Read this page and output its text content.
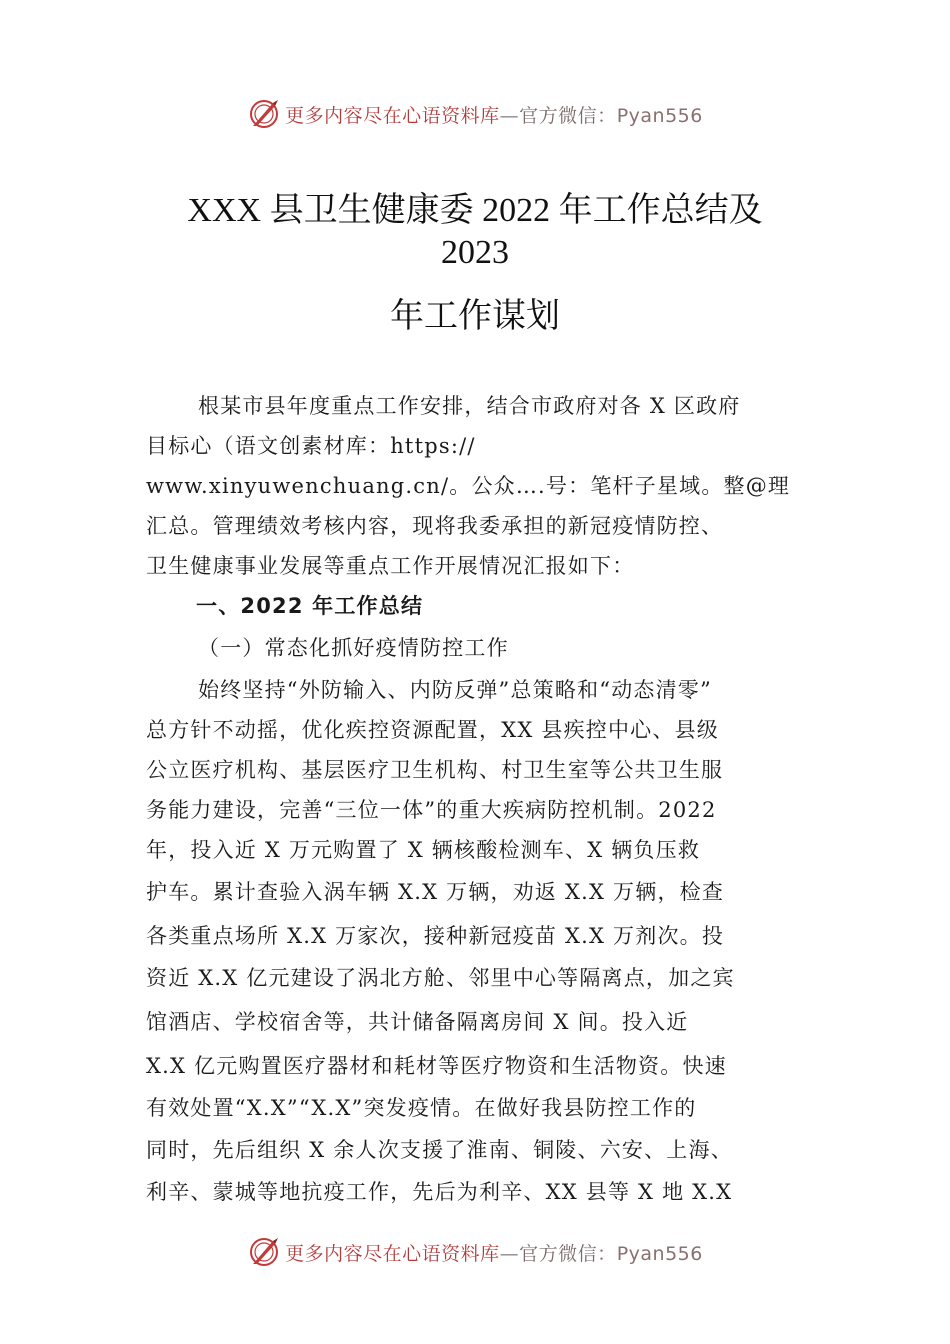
更多内容尽在心语资料库—官方微信：Pyan556
XXX 县卫生健康委 2022 年工作总结及
2023
年工作谋划
根某市县年度重点工作安排，结合市政府对各 X 区政府
目标心（语文创素材库：https://
www.xinyuwenchuang.cn/。公众….号：笔杆子星域。整@理
汇总。管理绩效考核内容，现将我委承担的新冠疫情防控、
卫生健康事业发展等重点工作开展情况汇报如下：
一、2022 年工作总结
（一）常态化抓好疫情防控工作
始终坚持“外防输入、内防反弹”总策略和“动态清零”
总方针不动摇，优化疾控资源配置，XX 县疾控中心、县级
公立医疗机构、基层医疗卫生机构、村卫生室等公共卫生服
务能力建设，完善“三位一体”的重大疾病防控机制。2022
年，投入近 X 万元购置了 X 辆核酸检测车、X 辆负压救
护车。累计查验入涡车辆 X.X 万辆，劝返 X.X 万辆，检查
各类重点场所 X.X 万家次，接种新冠疫苗 X.X 万剂次。投
资近 X.X 亿元建设了涡北方舱、邻里中心等隔离点，加之宾
馆酒店、学校宿舍等，共计储备隔离房间 X 间。投入近
X.X 亿元购置医疗器材和耗材等医疗物资和生活物资。快速
有效处置“X.X”“X.X”突发疫情。在做好我县防控工作的
同时，先后组织 X 余人次支援了淮南、铜陵、六安、上海、
利辛、蒙城等地抗疫工作，先后为利辛、XX 县等 X 地 X.X
更多内容尽在心语资料库—官方微信：Pyan556
